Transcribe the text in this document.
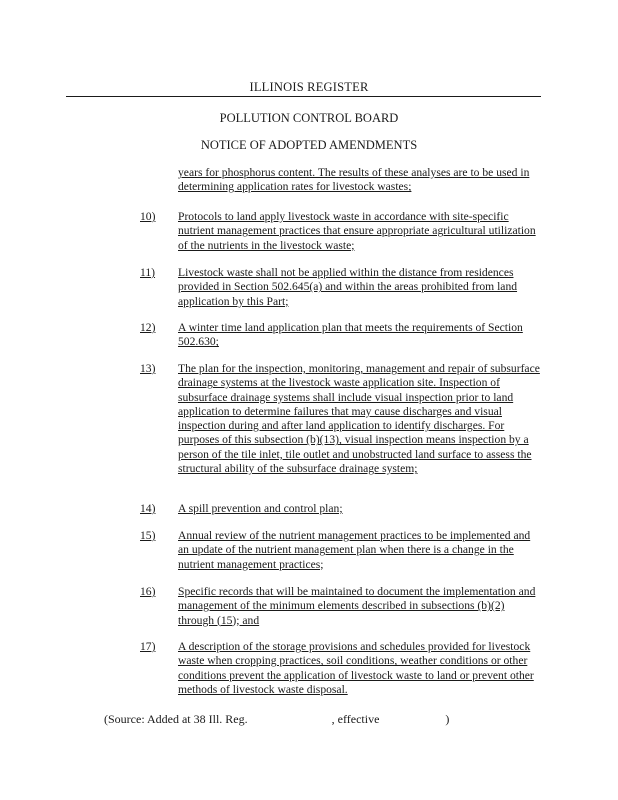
ILLINOIS REGISTER
POLLUTION CONTROL BOARD
NOTICE OF ADOPTED AMENDMENTS
years for phosphorus content. The results of these analyses are to be used in determining application rates for livestock wastes;
10) Protocols to land apply livestock waste in accordance with site-specific nutrient management practices that ensure appropriate agricultural utilization of the nutrients in the livestock waste;
11) Livestock waste shall not be applied within the distance from residences provided in Section 502.645(a) and within the areas prohibited from land application by this Part;
12) A winter time land application plan that meets the requirements of Section 502.630;
13) The plan for the inspection, monitoring, management and repair of subsurface drainage systems at the livestock waste application site. Inspection of subsurface drainage systems shall include visual inspection prior to land application to determine failures that may cause discharges and visual inspection during and after land application to identify discharges. For purposes of this subsection (b)(13), visual inspection means inspection by a person of the tile inlet, tile outlet and unobstructed land surface to assess the structural ability of the subsurface drainage system;
14) A spill prevention and control plan;
15) Annual review of the nutrient management practices to be implemented and an update of the nutrient management plan when there is a change in the nutrient management practices;
16) Specific records that will be maintained to document the implementation and management of the minimum elements described in subsections (b)(2) through (15); and
17) A description of the storage provisions and schedules provided for livestock waste when cropping practices, soil conditions, weather conditions or other conditions prevent the application of livestock waste to land or prevent other methods of livestock waste disposal.
(Source: Added at 38 Ill. Reg.	, effective	)
